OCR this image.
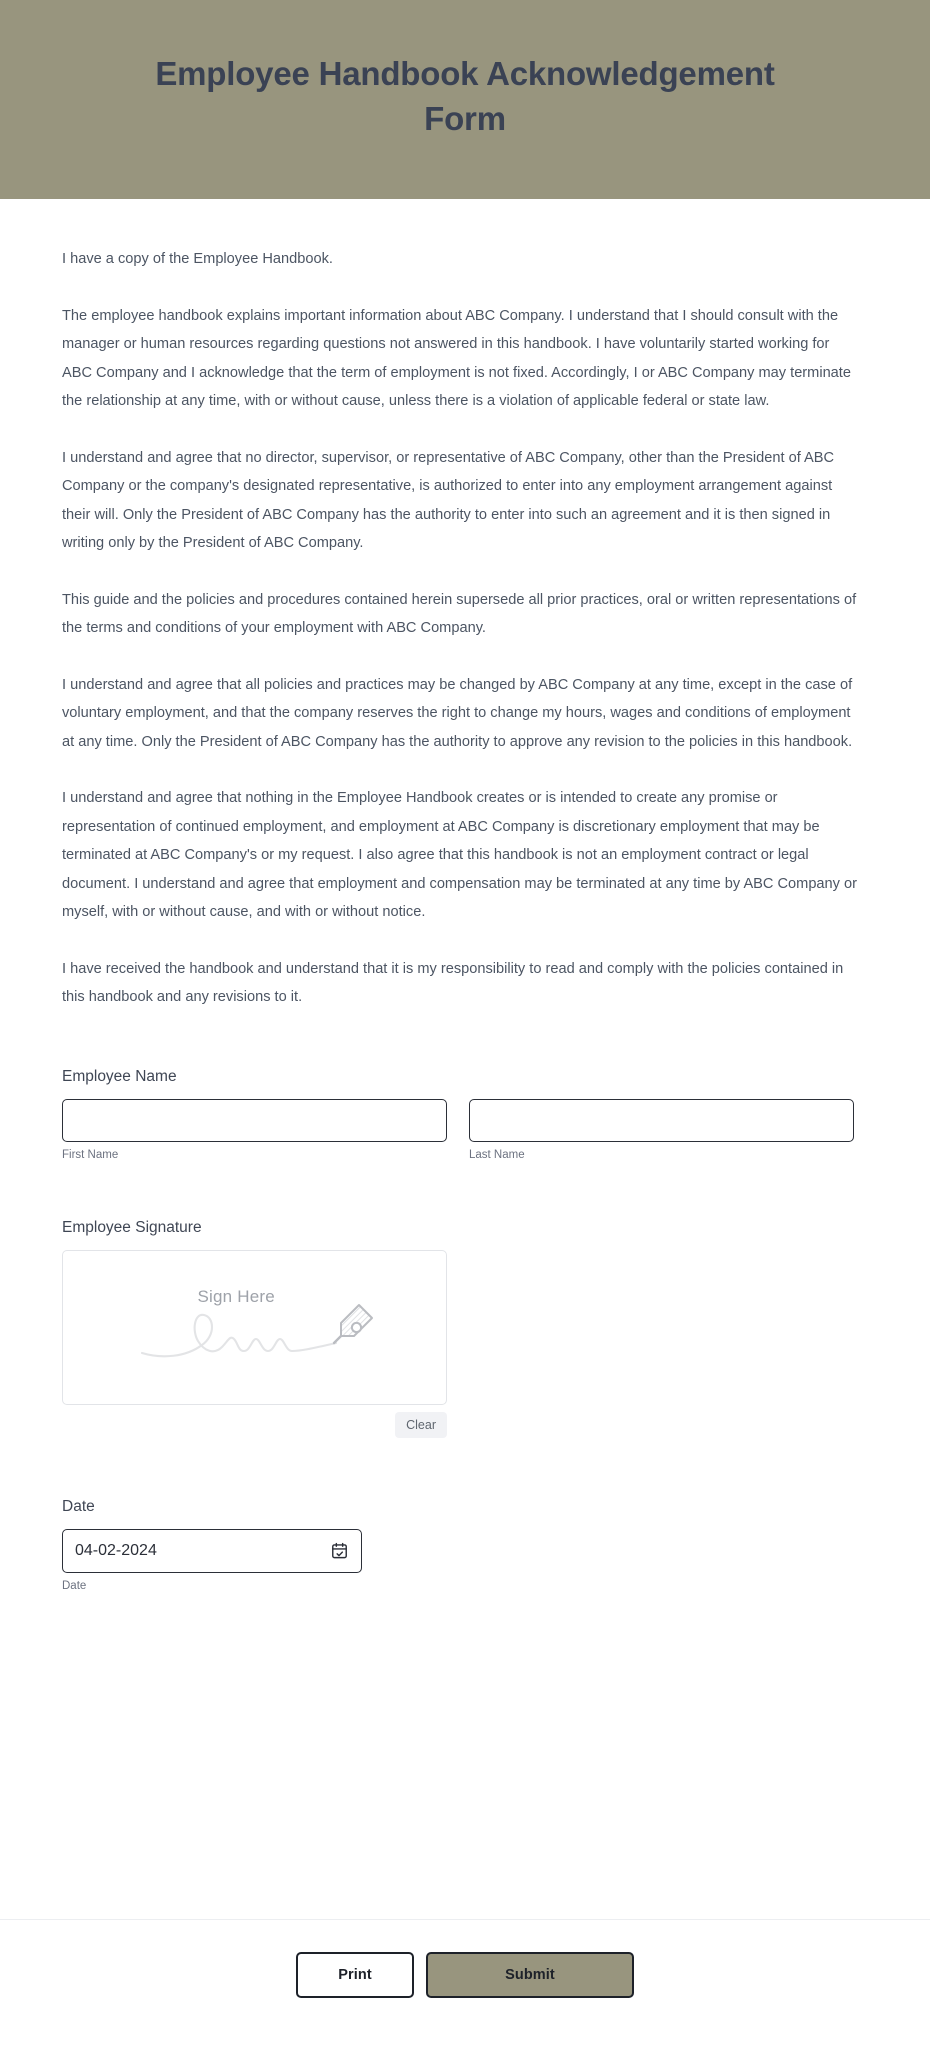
Employee Handbook Acknowledgement Form

I have a copy of the Employee Handbook.

The employee handbook explains important information about ABC Company. I understand that I should consult with the manager or human resources regarding questions not answered in this handbook. I have voluntarily started working for ABC Company and I acknowledge that the term of employment is not fixed. Accordingly, I or ABC Company may terminate the relationship at any time, with or without cause, unless there is a violation of applicable federal or state law.

I understand and agree that no director, supervisor, or representative of ABC Company, other than the President of ABC Company or the company's designated representative, is authorized to enter into any employment arrangement against their will. Only the President of ABC Company has the authority to enter into such an agreement and it is then signed in writing only by the President of ABC Company.

This guide and the policies and procedures contained herein supersede all prior practices, oral or written representations of the terms and conditions of your employment with ABC Company.

I understand and agree that all policies and practices may be changed by ABC Company at any time, except in the case of voluntary employment, and that the company reserves the right to change my hours, wages and conditions of employment at any time. Only the President of ABC Company has the authority to approve any revision to the policies in this handbook.

I understand and agree that nothing in the Employee Handbook creates or is intended to create any promise or representation of continued employment, and employment at ABC Company is discretionary employment that may be terminated at ABC Company's or my request. I also agree that this handbook is not an employment contract or legal document. I understand and agree that employment and compensation may be terminated at any time by ABC Company or myself, with or without cause, and with or without notice.

I have received the handbook and understand that it is my responsibility to read and comply with the policies contained in this handbook and any revisions to it.

Employee Name
First Name	Last Name
Employee Signature
Sign Here
Clear
Date
04-02-2024
Date
Print	Submit
